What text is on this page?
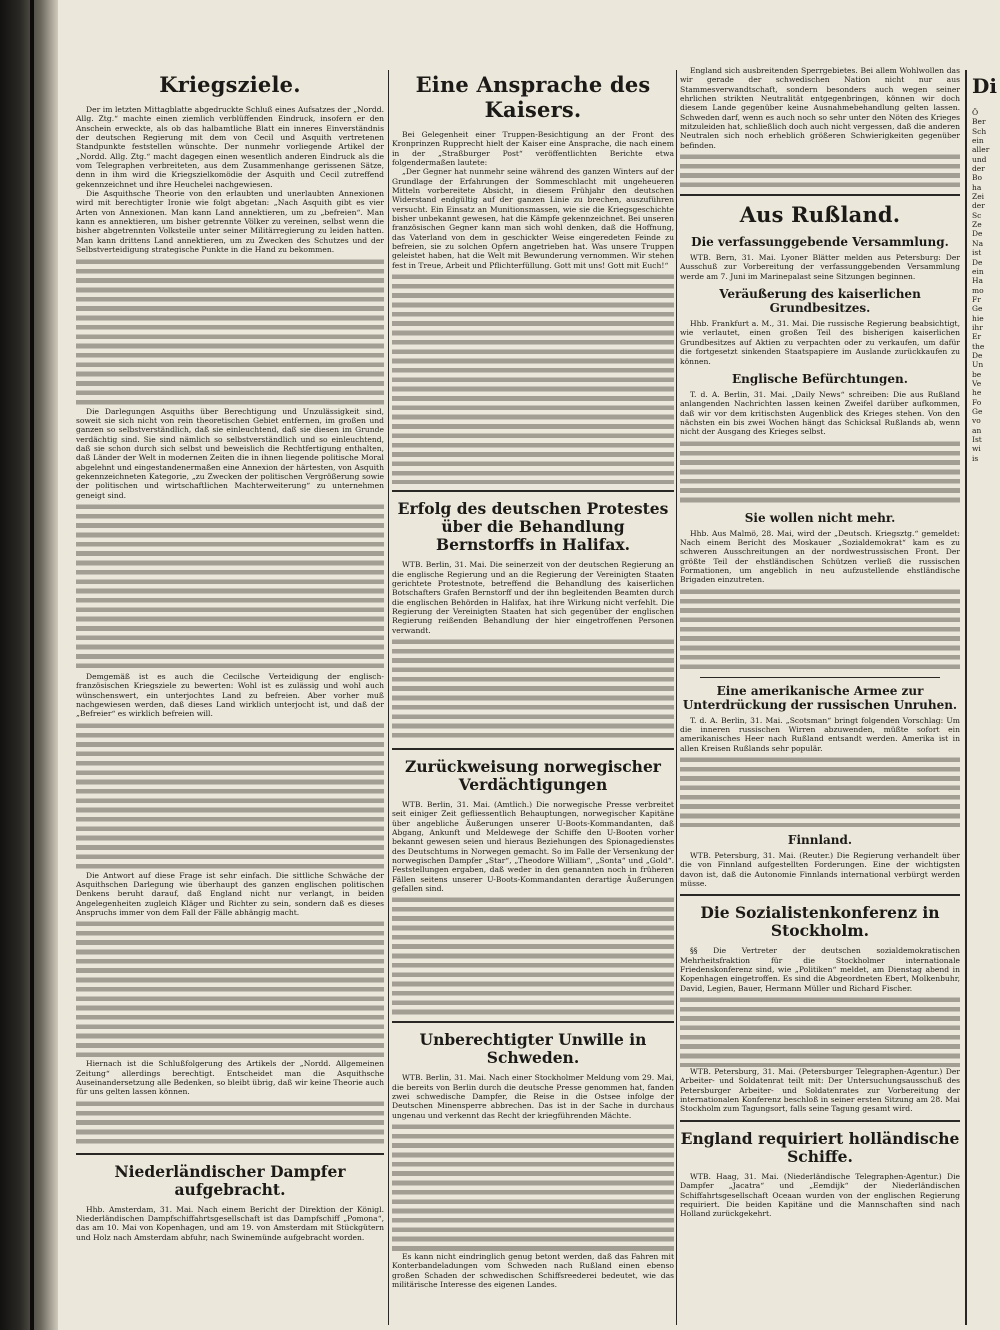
Kriegsziele.

Der im letzten Mittagblatte abgedruckte Schluß eines Aufsatzes der „Nordd. Allg. Ztg.“ machte einen ziemlich verblüffenden Eindruck, insofern er den Anschein erweckte, als ob das halbamtliche Blatt ein inneres Einverständnis der deutschen Regierung mit dem von Cecil und Asquith vertretenen Standpunkte feststellen wünschte. Der nunmehr vorliegende Artikel der „Nordd. Allg. Ztg.“ macht dagegen einen wesentlich anderen Eindruck als die vom Telegraphen verbreiteten, aus dem Zusammenhange gerissenen Sätze, denn in ihm wird die Kriegszielkomödie der Asquith und Cecil zutreffend gekennzeichnet und ihre Heuchelei nachgewiesen.

Die Asquithsche Theorie von den erlaubten und unerlaubten Annexionen wird mit berechtigter Ironie wie folgt abgetan: „Nach Asquith gibt es vier Arten von Annexionen. Man kann Land annektieren, um zu „befreien“. Man kann es annektieren, um bisher getrennte Völker zu vereinen, selbst wenn die bisher abgetrennten Volksteile unter seiner Militärregierung zu leiden hatten. Man kann drittens Land annektieren, um zu Zwecken des Schutzes und der Selbstverteidigung strategische Punkte in die Hand zu bekommen.

Die Darlegungen Asquiths über Berechtigung und Unzulässigkeit sind, soweit sie sich nicht von rein theoretischen Gebiet entfernen, im großen und ganzen so selbstverständlich, daß sie einleuchtend, daß sie diesen im Grunde verdächtig sind. Sie sind nämlich so selbstverständlich und so einleuchtend, daß sie schon durch sich selbst und beweislich die Rechtfertigung enthalten, daß Länder der Welt in modernen Zeiten die in ihnen liegende politische Moral abgelehnt und eingestandenermaßen eine Annexion der härtesten, von Asquith gekennzeichneten Kategorie, „zu Zwecken der politischen Vergrößerung sowie der politischen und wirtschaftlichen Machterweiterung“ zu unternehmen geneigt sind.

Demgemäß ist es auch die Cecilsche Verteidigung der englisch-französischen Kriegsziele zu bewerten: Wohl ist es zulässig und wohl auch wünschenswert, ein unterjochtes Land zu befreien. Aber vorher muß nachgewiesen werden, daß dieses Land wirklich unterjocht ist, und daß der „Befreier“ es wirklich befreien will.

Die Antwort auf diese Frage ist sehr einfach. Die sittliche Schwäche der Asquithschen Darlegung wie überhaupt des ganzen englischen politischen Denkens beruht darauf, daß England nicht nur verlangt, in beiden Angelegenheiten zugleich Kläger und Richter zu sein, sondern daß es dieses Anspruchs immer von dem Fall der Fälle abhängig macht.

Hiernach ist die Schlußfolgerung des Artikels der „Nordd. Allgemeinen Zeitung“ allerdings berechtigt. Entscheidet man die Asquithsche Auseinandersetzung alle Bedenken, so bleibt übrig, daß wir keine Theorie auch für uns gelten lassen können.

Niederländischer Dampfer aufgebracht.

Hhb. Amsterdam, 31. Mai. Nach einem Bericht der Direktion der Königl. Niederländischen Dampfschiffahrtsgesellschaft ist das Dampfschiff „Pomona“, das am 10. Mai von Kopenhagen, und am 19. von Amsterdam mit Stückgütern und Holz nach Amsterdam abfuhr, nach Swinemünde aufgebracht worden.

Eine Ansprache des Kaisers.

Bei Gelegenheit einer Truppen-Besichtigung an der Front des Kronprinzen Rupprecht hielt der Kaiser eine Ansprache, die nach einem in der „Straßburger Post“ veröffentlichten Berichte etwa folgendermaßen lautete:

„Der Gegner hat nunmehr seine während des ganzen Winters auf der Grundlage der Erfahrungen der Sommeschlacht mit ungeheueren Mitteln vorbereitete Absicht, in diesem Frühjahr den deutschen Widerstand endgültig auf der ganzen Linie zu brechen, auszuführen versucht. Ein Einsatz an Munitionsmassen, wie sie die Kriegsgeschichte bisher unbekannt gewesen, hat die Kämpfe gekennzeichnet. Bei unseren französischen Gegner kann man sich wohl denken, daß die Hoffnung, das Vaterland von dem in geschickter Weise eingeredeten Feinde zu befreien, sie zu solchen Opfern angetrieben hat. Was unsere Truppen geleistet haben, hat die Welt mit Bewunderung vernommen. Wir stehen fest in Treue, Arbeit und Pflichterfüllung. Gott mit uns! Gott mit Euch!“

Erfolg des deutschen Protestes über die Behandlung Bernstorffs in Halifax.

WTB. Berlin, 31. Mai. Die seinerzeit von der deutschen Regierung an die englische Regierung und an die Regierung der Vereinigten Staaten gerichtete Protestnote, betreffend die Behandlung des kaiserlichen Botschafters Grafen Bernstorff und der ihn begleitenden Beamten durch die englischen Behörden in Halifax, hat ihre Wirkung nicht verfehlt. Die Regierung der Vereinigten Staaten hat sich gegenüber der englischen Regierung reißenden Behandlung der hier eingetroffenen Personen verwandt.

Zurückweisung norwegischer Verdächtigungen

WTB. Berlin, 31. Mai. (Amtlich.) Die norwegische Presse verbreitet seit einiger Zeit gefliessentlich Behauptungen, norwegischer Kapitäne über angebliche Äußerungen unserer U-Boots-Kommandanten, daß Abgang, Ankunft und Meldewege der Schiffe den U-Booten vorher bekannt gewesen seien und hieraus Beziehungen des Spionagedienstes des Deutschtums in Norwegen gemacht. So im Falle der Versenkung der norwegischen Dampfer „Star“, „Theodore William“, „Sonta“ und „Gold“. Feststellungen ergaben, daß weder in den genannten noch in früheren Fällen seitens unserer U-Boots-Kommandanten derartige Äußerungen gefallen sind.

Unberechtigter Unwille in Schweden.

WTB. Berlin, 31. Mai. Nach einer Stockholmer Meldung vom 29. Mai, die bereits von Berlin durch die deutsche Presse genommen hat, fanden zwei schwedische Dampfer, die Reise in die Ostsee infolge der Deutschen Minensperre abbrechen. Das ist in der Sache in durchaus ungenau und verkennt das Recht der kriegführenden Mächte.

Es kann nicht eindringlich genug betont werden, daß das Fahren mit Konterbandeladungen vom Schweden nach Rußland einen ebenso großen Schaden der schwedischen Schiffsreederei bedeutet, wie das militärische Interesse des eigenen Landes.

England sich ausbreitenden Sperrgebietes. Bei allem Wohlwollen das wir gerade der schwedischen Nation nicht nur aus Stammesverwandtschaft, sondern besonders auch wegen seiner ehrlichen strikten Neutralität entgegenbringen, können wir doch diesem Lande gegenüber keine Ausnahmebehandlung gelten lassen. Schweden darf, wenn es auch noch so sehr unter den Nöten des Krieges mitzuleiden hat, schließlich doch auch nicht vergessen, daß die anderen Neutralen sich noch erheblich größeren Schwierigkeiten gegenüber befinden.

Aus Rußland.
Die verfassunggebende Versammlung.

WTB. Bern, 31. Mai. Lyoner Blätter melden aus Petersburg: Der Ausschuß zur Vorbereitung der verfassunggebenden Versammlung werde am 7. Juni im Marinepalast seine Sitzungen beginnen.

Veräußerung des kaiserlichen Grundbesitzes.

Hhb. Frankfurt a. M., 31. Mai. Die russische Regierung beabsichtigt, wie verlautet, einen großen Teil des bisherigen kaiserlichen Grundbesitzes auf Aktien zu verpachten oder zu verkaufen, um dafür die fortgesetzt sinkenden Staatspapiere im Auslande zurückkaufen zu können.

Englische Befürchtungen.

T. d. A. Berlin, 31. Mai. „Daily News“ schreiben: Die aus Rußland anlangenden Nachrichten lassen keinen Zweifel darüber aufkommen, daß wir vor dem kritischsten Augenblick des Krieges stehen. Von den nächsten ein bis zwei Wochen hängt das Schicksal Rußlands ab, wenn nicht der Ausgang des Krieges selbst.

Sie wollen nicht mehr.

Hhb. Aus Malmö, 28. Mai, wird der „Deutsch. Kriegsztg.“ gemeldet: Nach einem Bericht des Moskauer „Sozialdemokrat“ kam es zu schweren Ausschreitungen an der nordwestrussischen Front. Der größte Teil der ehstländischen Schützen verließ die russischen Formationen, um angeblich in neu aufzustellende ehstländische Brigaden einzutreten.

Eine amerikanische Armee zur Unterdrückung der russischen Unruhen.

T. d. A. Berlin, 31. Mai. „Scotsman“ bringt folgenden Vorschlag: Um die inneren russischen Wirren abzuwenden, müßte sofort ein amerikanisches Heer nach Rußland entsandt werden. Amerika ist in allen Kreisen Rußlands sehr populär.

Finnland.

WTB. Petersburg, 31. Mai. (Reuter.) Die Regierung verhandelt über die von Finnland aufgestellten Forderungen. Eine der wichtigsten davon ist, daß die Autonomie Finnlands international verbürgt werden müsse.

Die Sozialistenkonferenz in Stockholm.

§§ Die Vertreter der deutschen sozialdemokratischen Mehrheitsfraktion für die Stockholmer internationale Friedenskonferenz sind, wie „Politiken“ meldet, am Dienstag abend in Kopenhagen eingetroffen. Es sind die Abgeordneten Ebert, Molkenbuhr, David, Legien, Bauer, Hermann Müller und Richard Fischer.

WTB. Petersburg, 31. Mai. (Petersburger Telegraphen-Agentur.) Der Arbeiter- und Soldatenrat teilt mit: Der Untersuchungsausschuß des Petersburger Arbeiter- und Soldatenrates zur Vorbereitung der internationalen Konferenz beschloß in seiner ersten Sitzung am 28. Mai Stockholm zum Tagungsort, falls seine Tagung gesamt wird.

England requiriert holländische Schiffe.

WTB. Haag, 31. Mai. (Niederländische Telegraphen-Agentur.) Die Dampfer „Jacatra“ und „Eemdijk“ der Niederländischen Schiffahrtsgesellschaft Oceaan wurden von der englischen Regierung requiriert. Die beiden Kapitäne und die Mannschaften sind nach Holland zurückgekehrt.

Di
Ö
Ber
Sch
ein
aller
und
der
Bo
ha
Zei
der
Sc
Ze
De
Na
ist
De
ein
Ha
mo
Fr
Ge
hie
ihr
Er
the
De
Un
be
Ve
he
Fo
Ge
vo
an
Ist
wi
is
